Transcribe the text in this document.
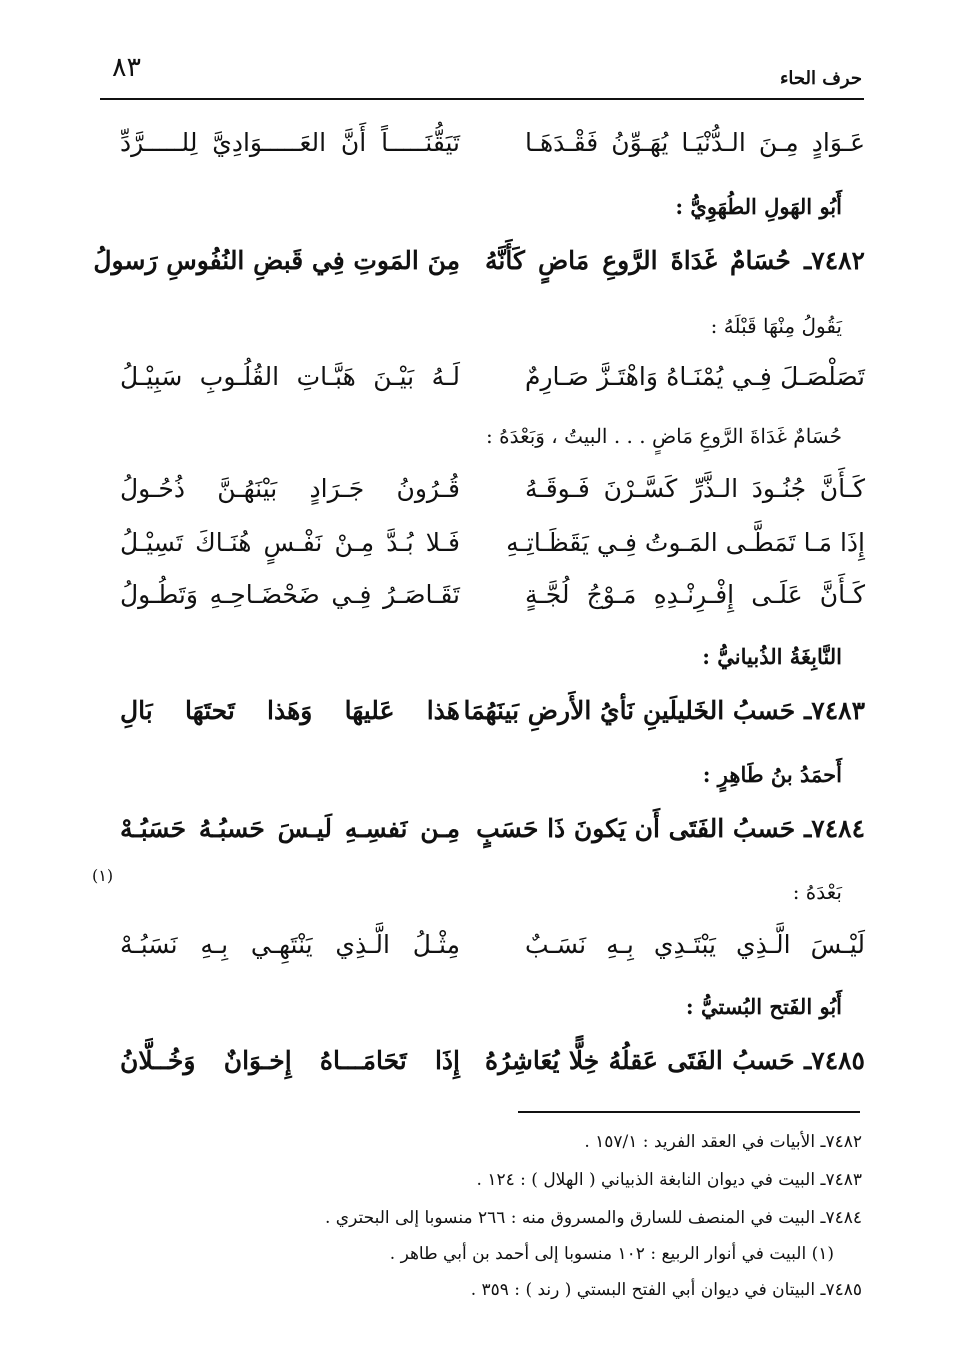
٨٣	حرف الحاء
عَـوَادٍ مِـنَ الـدُّنْيَـا يُهَـوِّنُ فَقْـدَهَـا
تَيَقُّنَـــــاً أَنَّ العَـــــوَادِيَّ لِلـــــرَّدِّ
أَبُو الهَولِ الطُهَوِيُّ :
٧٤٨٢ـ حُسَامٌ غَدَاةَ الرَّوعِ مَاضٍ كَأَنَّهُ
مِنَ المَوتِ فِي قَبضِ النُفُوسِ رَسولُ
يَقُولُ مِنْهَا قَبْلَهُ :
تَصَلْصَـلَ فِـي يُمْنَـاهُ وَاهْتَـزَّ صَـارِمٌ
لَـهُ بَيْـنَ هَبَّـاتِ القُلُـوبِ سَبِيْـلُ
حُسَامٌ غَدَاةَ الرَّوعِ مَاضٍ . . . البيتُ ، وَبَعْدَهُ :
كَـأَنَّ جُنُـودَ الـذَّرِّ كَسَّـرْنَ فَـوقَـهُ
قُـرُونُ جَـرَادٍ بَيْنَهُـنَّ ذُحُـولُ
إِذَا مَـا تَمَطَّـى المَـوتُ فِـي يَقَظَـاتِـهِ
فَـلا بُـدَّ مِـنْ نَفْـسٍ هُنَـاكَ تَسِيْـلُ
كَـأَنَّ عَلَـى إِفْـرِنْـدِهِ مَـوْجُ لُجَّـةٍ
تَقَـاصَـرُ فِـي ضَحْضَـاحِـهِ وَتَطُـولُ
النَّابِغَةُ الذُبيانيُّ :
٧٤٨٣ـ حَسبُ الخَليلَينِ نَأيُ الأَرضِ بَينَهُمَا
هَذا عَليهَا وَهَذا تَحتَهَا بَالِ
أَحمَدُ بنُ طَاهِرٍ :
٧٤٨٤ـ حَسبُ الفَتَى أَن يَكونَ ذَا حَسَبٍ
مِـن نَفسِـهِ لَيـسَ حَسبُـهُ حَسَبُـهْ
(١)
بَعْدَهُ :
لَيْـسَ الَّـذِي يَبْتَـدِي بِـهِ نَسَـبٌ
مِثْـلُ الَّـذِي يَنْتَهِـي بِـهِ نَسَبُـهْ
أَبُو الفَتح البُستيُّ :
٧٤٨٥ـ حَسبُ الفَتَى عَقلُهُ خِلًّا يُعَاشِرُهُ
إِذَا تَحَامَـــاهُ إِخـوَانٌ وَخُــلَّانُ
٧٤٨٢ـ الأبيات في العقد الفريد : ١٥٧/١ .
٧٤٨٣ـ البيت في ديوان النابغة الذبياني ( الهلال ) : ١٢٤ .
٧٤٨٤ـ البيت في المنصف للسارق والمسروق منه : ٢٦٦ منسوبا إلى البحتري .
(١) البيت في أنوار الربيع : ١٠٢ منسوبا إلى أحمد بن أبي طاهر .
٧٤٨٥ـ البيتان في ديوان أبي الفتح البستي ( رند ) : ٣٥٩ .
